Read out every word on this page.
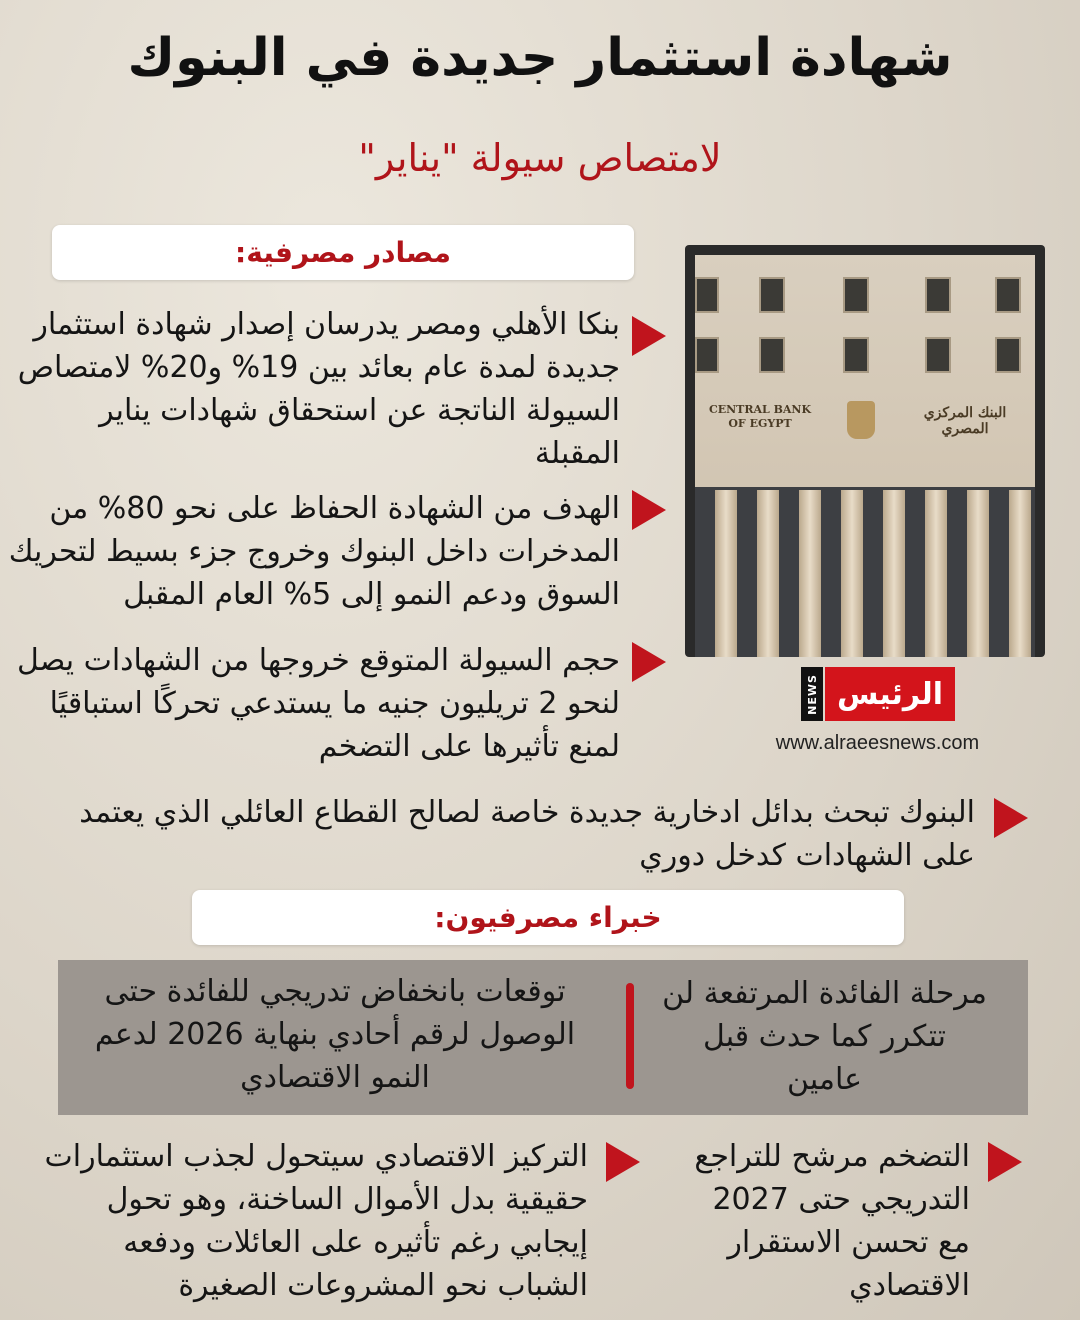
شهادة استثمار جديدة في البنوك
لامتصاص سيولة "يناير"
مصادر مصرفية:
بنكا الأهلي ومصر يدرسان إصدار شهادة استثمار جديدة لمدة عام بعائد بين 19% و20% لامتصاص السيولة الناتجة عن استحقاق شهادات يناير المقبلة
الهدف من الشهادة الحفاظ على نحو 80% من المدخرات داخل البنوك وخروج جزء بسيط لتحريك السوق ودعم النمو إلى 5% العام المقبل
حجم السيولة المتوقع خروجها من الشهادات يصل لنحو 2 تريليون جنيه ما يستدعي تحركًا استباقيًا لمنع تأثيرها على التضخم
CENTRAL BANK
OF EGYPT
البنك المركزي المصري
الرئيس
NEWS
www.alraeesnews.com
البنوك تبحث بدائل ادخارية جديدة خاصة لصالح القطاع العائلي الذي يعتمد على الشهادات كدخل دوري
خبراء مصرفيون:
مرحلة الفائدة المرتفعة لن تتكرر كما حدث قبل عامين
توقعات بانخفاض تدريجي للفائدة حتى الوصول لرقم أحادي بنهاية 2026 لدعم النمو الاقتصادي
التضخم مرشح للتراجع التدريجي حتى 2027 مع تحسن الاستقرار الاقتصادي
التركيز الاقتصادي سيتحول لجذب استثمارات حقيقية بدل الأموال الساخنة، وهو تحول إيجابي رغم تأثيره على العائلات ودفعه الشباب نحو المشروعات الصغيرة
